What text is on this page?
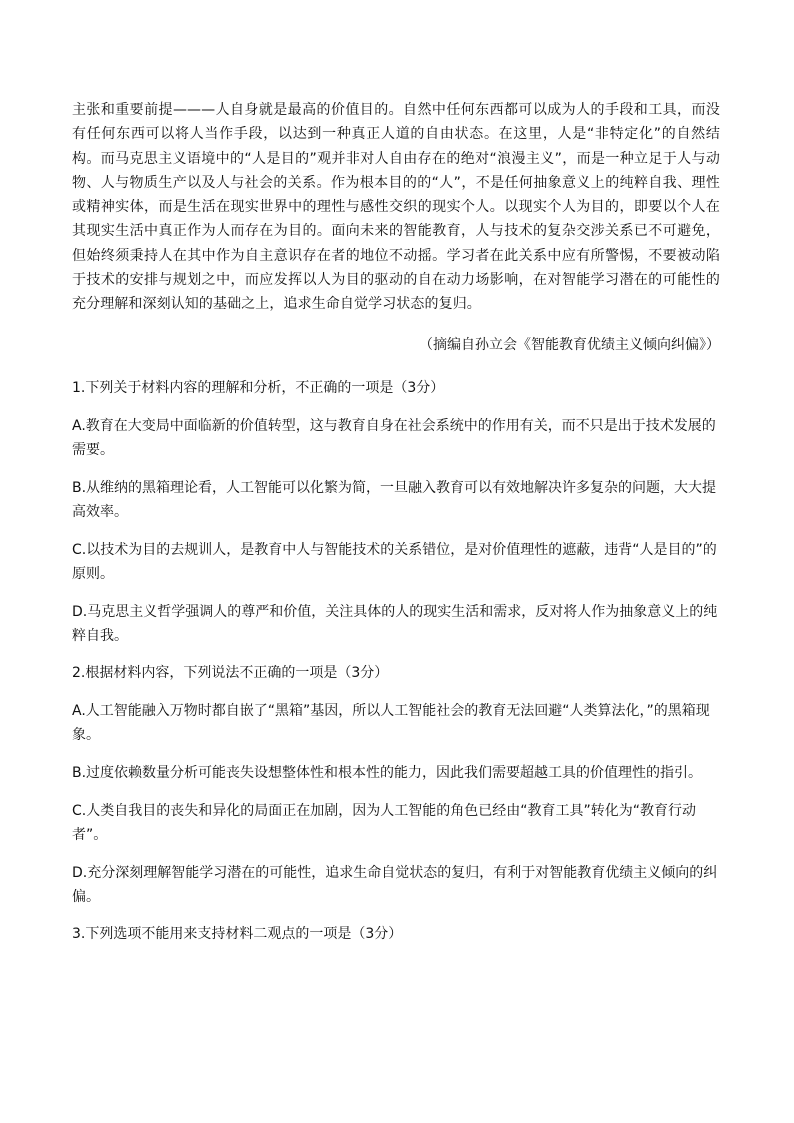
主张和重要前提———人自身就是最高的价值目的。自然中任何东西都可以成为人的手段和工具，而没有任何东西可以将人当作手段，以达到一种真正人道的自由状态。在这里，人是“非特定化”的自然结构。而马克思主义语境中的“人是目的”观并非对人自由存在的绝对“浪漫主义”，而是一种立足于人与动物、人与物质生产以及人与社会的关系。作为根本目的的“人”，不是任何抽象意义上的纯粹自我、理性或精神实体，而是生活在现实世界中的理性与感性交织的现实个人。以现实个人为目的，即要以个人在其现实生活中真正作为人而存在为目的。面向未来的智能教育，人与技术的复杂交涉关系已不可避免，但始终须秉持人在其中作为自主意识存在者的地位不动摇。学习者在此关系中应有所警惕，不要被动陷于技术的安排与规划之中，而应发挥以人为目的驱动的自在动力场影响，在对智能学习潜在的可能性的充分理解和深刻认知的基础之上，追求生命自觉学习状态的复归。

（摘编自孙立会《智能教育优绩主义倾向纠偏》）

1.下列关于材料内容的理解和分析，不正确的一项是（3分）

A.教育在大变局中面临新的价值转型，这与教育自身在社会系统中的作用有关，而不只是出于技术发展的需要。

B.从维纳的黑箱理论看，人工智能可以化繁为简，一旦融入教育可以有效地解决许多复杂的问题，大大提高效率。

C.以技术为目的去规训人，是教育中人与智能技术的关系错位，是对价值理性的遮蔽，违背“人是目的”的原则。

D.马克思主义哲学强调人的尊严和价值，关注具体的人的现实生活和需求，反对将人作为抽象意义上的纯粹自我。

2.根据材料内容，下列说法不正确的一项是（3分）

A.人工智能融入万物时都自嵌了“黑箱”基因，所以人工智能社会的教育无法回避“人类算法化，”的黑箱现象。

B.过度依赖数量分析可能丧失设想整体性和根本性的能力，因此我们需要超越工具的价值理性的指引。

C.人类自我目的丧失和异化的局面正在加剧，因为人工智能的角色已经由“教育工具”转化为“教育行动者”。

D.充分深刻理解智能学习潜在的可能性，追求生命自觉状态的复归，有利于对智能教育优绩主义倾向的纠偏。

3.下列选项不能用来支持材料二观点的一项是（3分）
